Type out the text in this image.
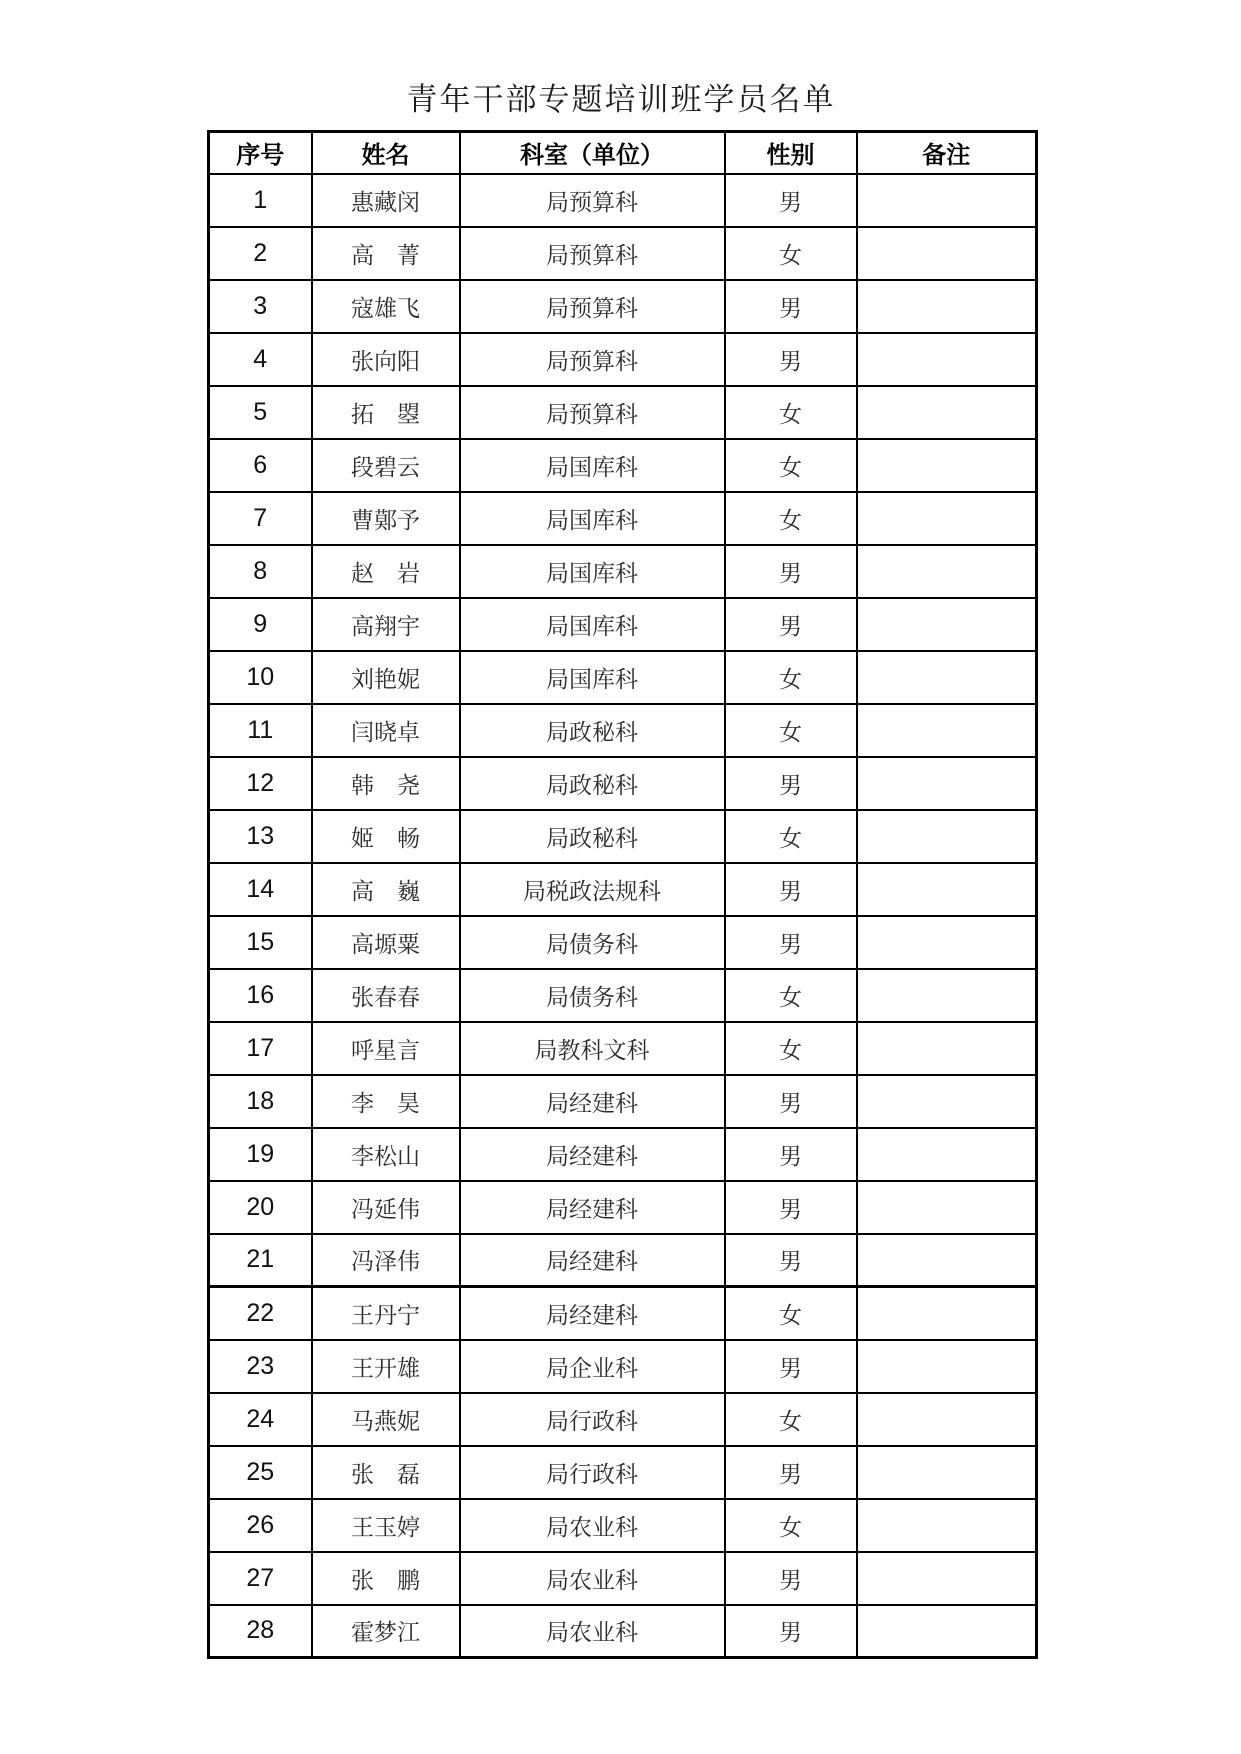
青年干部专题培训班学员名单
序号	姓名	科室（单位）	性别	备注
1	惠藏闵	局预算科	男	
2	高　菁	局预算科	女	
3	寇雄飞	局预算科	男	
4	张向阳	局预算科	男	
5	拓　曌	局预算科	女	
6	段碧云	局国库科	女	
7	曹鄚予	局国库科	女	
8	赵　岩	局国库科	男	
9	高翔宇	局国库科	男	
10	刘艳妮	局国库科	女	
11	闫晓卓	局政秘科	女	
12	韩　尧	局政秘科	男	
13	姬　畅	局政秘科	女	
14	高　巍	局税政法规科	男	
15	高塬粟	局债务科	男	
16	张春春	局债务科	女	
17	呼星言	局教科文科	女	
18	李　昊	局经建科	男	
19	李松山	局经建科	男	
20	冯延伟	局经建科	男	
21	冯泽伟	局经建科	男	
22	王丹宁	局经建科	女	
23	王开雄	局企业科	男	
24	马燕妮	局行政科	女	
25	张　磊	局行政科	男	
26	王玉婷	局农业科	女	
27	张　鹏	局农业科	男	
28	霍梦江	局农业科	男	
